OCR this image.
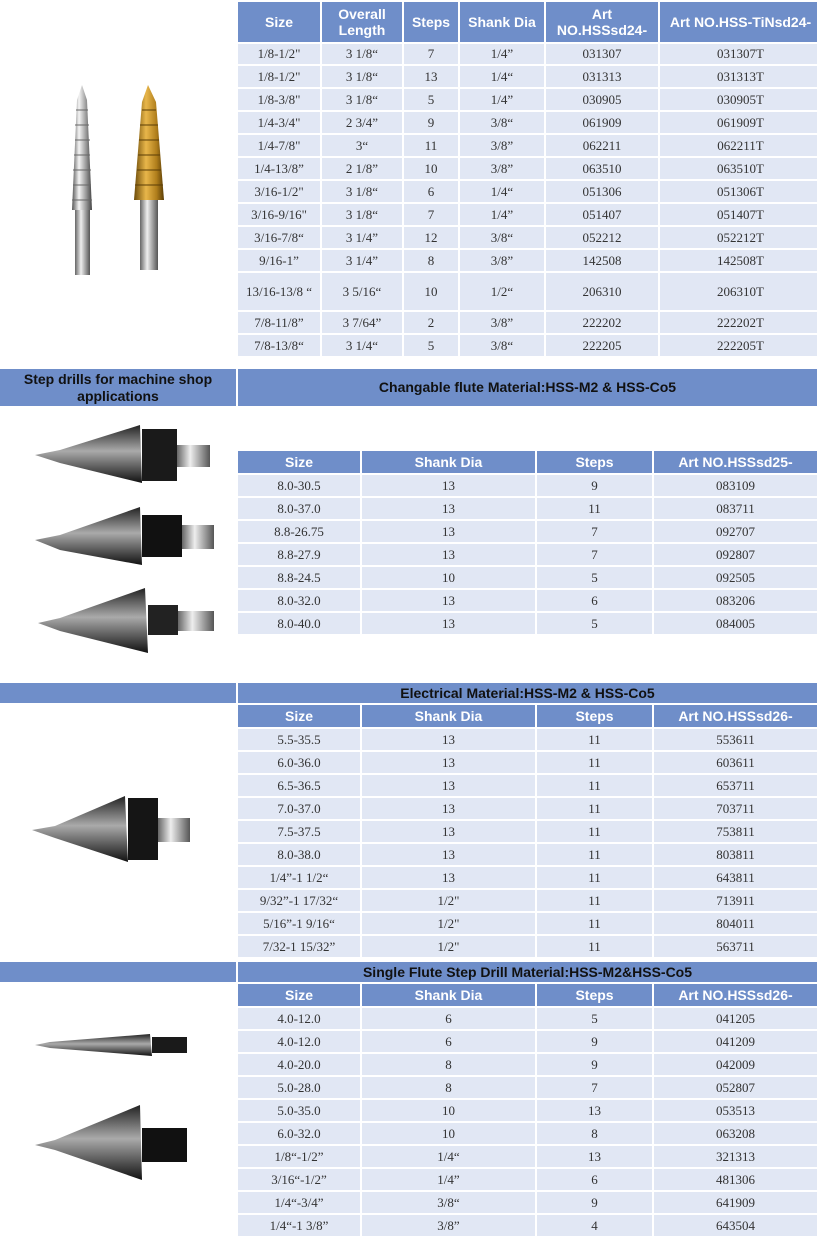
Size	Overall Length	Steps	Shank Dia	Art NO.HSSsd24-	Art NO.HSS-TiNsd24-
1/8-1/2"	3 1/8“	7	1/4”	031307	031307T
1/8-1/2"	3 1/8“	13	1/4“	031313	031313T
1/8-3/8"	3 1/8“	5	1/4”	030905	030905T
1/4-3/4"	2 3/4”	9	3/8“	061909	061909T
1/4-7/8"	3“	11	3/8”	062211	062211T
1/4-13/8”	2 1/8”	10	3/8”	063510	063510T
3/16-1/2"	3 1/8“	6	1/4“	051306	051306T
3/16-9/16"	3 1/8“	7	1/4”	051407	051407T
3/16-7/8“	3 1/4”	12	3/8“	052212	052212T
9/16-1”	3 1/4”	8	3/8”	142508	142508T
13/16-13/8 “	3 5/16“	10	1/2“	206310	206310T
7/8-11/8”	3 7/64”	2	3/8”	222202	222202T
7/8-13/8“	3 1/4“	5	3/8“	222205	222205T
Step drills for machine shop applications
Changable flute Material:HSS-M2 & HSS-Co5
Size	Shank Dia	Steps	Art NO.HSSsd25-
8.0-30.5	13	9	083109
8.0-37.0	13	11	083711
8.8-26.75	13	7	092707
8.8-27.9	13	7	092807
8.8-24.5	10	5	092505
8.0-32.0	13	6	083206
8.0-40.0	13	5	084005
Electrical Material:HSS-M2 & HSS-Co5
Size	Shank Dia	Steps	Art NO.HSSsd26-
5.5-35.5	13	11	553611
6.0-36.0	13	11	603611
6.5-36.5	13	11	653711
7.0-37.0	13	11	703711
7.5-37.5	13	11	753811
8.0-38.0	13	11	803811
1/4”-1 1/2“	13	11	643811
9/32”-1 17/32“	1/2"	11	713911
5/16”-1 9/16“	1/2"	11	804011
7/32-1 15/32”	1/2"	11	563711
Single Flute Step Drill Material:HSS-M2&HSS-Co5
Size	Shank Dia	Steps	Art NO.HSSsd26-
4.0-12.0	6	5	041205
4.0-12.0	6	9	041209
4.0-20.0	8	9	042009
5.0-28.0	8	7	052807
5.0-35.0	10	13	053513
6.0-32.0	10	8	063208
1/8“-1/2”	1/4“	13	321313
3/16“-1/2”	1/4”	6	481306
1/4“-3/4”	3/8“	9	641909
1/4“-1 3/8”	3/8”	4	643504
